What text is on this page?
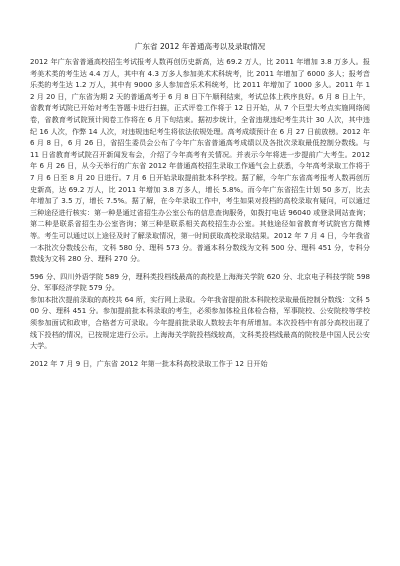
广东省 2012 年普通高考以及录取情况

2012 年广东省普通高校招生考试报考人数再创历史新高，达 69.2 万人，比 2011 年增加 3.8 万多人。报考美术类的考生达 4.4 万人，其中有 4.3 万多人参加美术术科统考，比 2011 年增加了 6000 多人；报考音乐类的考生达 1.2 万人，其中有 9000 多人参加音乐术科统考，比 2011 年增加了 1000 多人。2011 年 12 月 20 日，广东省为期 2 天的普通高考于 6 月 8 日下午顺利结束，考试总体上秩序良好。6 月 8 日上午，省教育考试院已开始对考生答题卡进行扫描，正式评卷工作将于 12 日开始，从 7 个巨型大考点实施网络阅卷，省教育考试院预计阅卷工作将在 6 月下旬结束。据初步统计，全省违规违纪考生共计 30 人次，其中违纪 16 人次，作弊 14 人次，对违规违纪考生将依法依规处理。高考成绩预计在 6 月 27 日前放榜。2012 年 6 月 8 日，6 月 26 日，省招生委员会公布了今年广东省普通高考成绩以及各批次录取最低控制分数线。与 11 日省教育考试院召开新闻发布会，介绍了今年高考有关情况。并表示今年将进一步提前广大考生。2012 年 6 月 26 日，从今天举行的广东省 2012 年普通高校招生录取工作通气会上获悉，今年高考录取工作将于 7 月 6 日至 8 月 20 日进行。7 月 6 日开始录取提前批本科学校。据了解，今年广东省高考报考人数再创历史新高，达 69.2 万人，比 2011 年增加 3.8 万多人，增长 5.8%。而今年广东省招生计划 50 多万，比去年增加了 3.5 万，增长 7.5%。据了解，在今年录取工作中，考生如果对投档的高校录取有疑问，可以通过三种途径进行核实：第一种是通过省招生办公室公布的信息查询服务，如拨打电话 96040 或登录网站查询；第二种是联系省招生办公室咨询；第三种是联系相关高校招生办公室。其他途径如省教育考试院官方微博等。考生可以通过以上途径及时了解录取情况，第一时间获取高校录取结果。2012 年 7 月 4 日，今年我省一本批次分数线公布，文科 580 分、理科 573 分。普通本科分数线为文科 500 分、理科 451 分，专科分数线为文科 280 分、理科 270 分。

596 分、四川外语学院 589 分，理科类投档线最高的高校是上海海关学院 620 分、北京电子科技学院 598 分、军事经济学院 579 分。

参加本批次提前录取的高校共 64 所，实行网上录取。今年我省提前批本科院校录取最低控制分数线：文科 500 分、理科 451 分。参加提前批本科录取的考生，必须参加体检且体检合格，军事院校、公安院校等学校须参加面试和政审，合格者方可录取。今年提前批录取人数较去年有所增加。本次投档中有部分高校出现了线下投档的情况，已按规定进行公示。上海海关学院投档线较高，文科类投档线最高的院校是中国人民公安大学。

2012 年 7 月 9 日，广东省 2012 年第一批本科高校录取工作于 12 日开始
